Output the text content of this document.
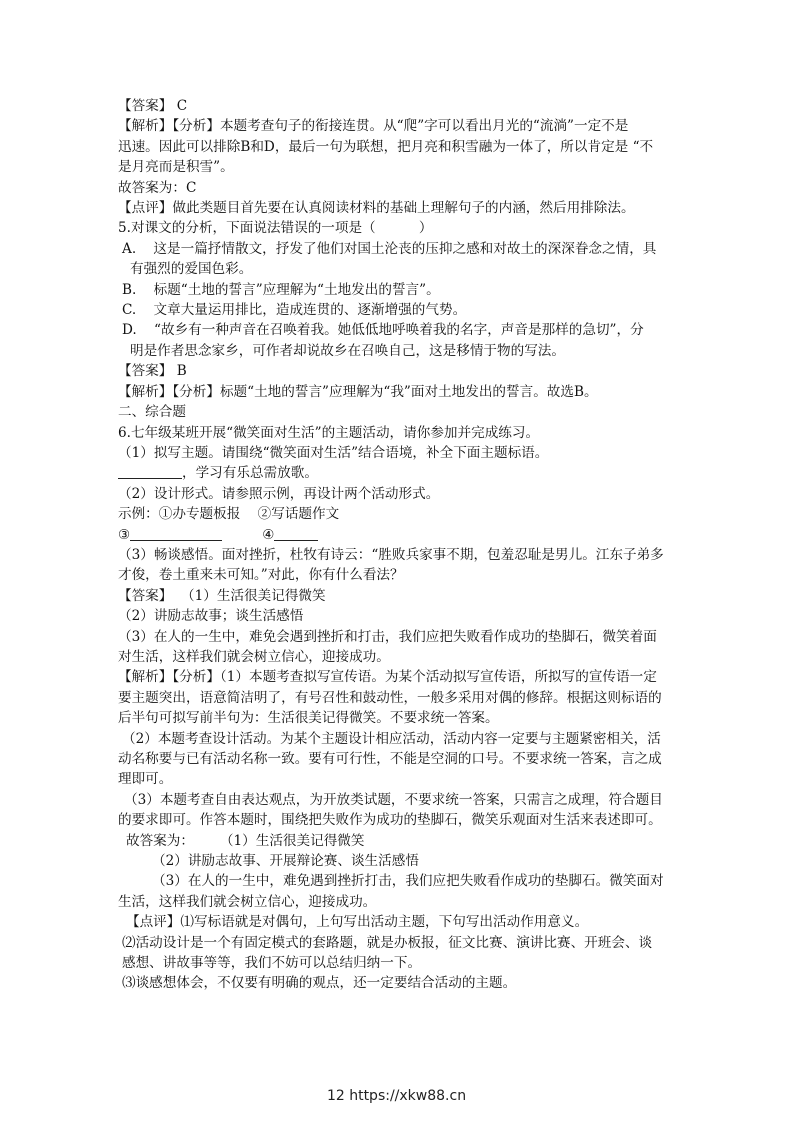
【答案】 C

【解析】【分析】本题考查句子的衔接连贯。从“爬”字可以看出月光的“流淌”一定不是

迅速。因此可以排除B和D，最后一句为联想，把月亮和积雪融为一体了，所以肯定是 “不

是月亮而是积雪”。

故答案为：C

【点评】做此类题目首先要在认真阅读材料的基础上理解句子的内涵，然后用排除法。

5.对课文的分析，下面说法错误的一项是（          ）

A.    这是一篇抒情散文，抒发了他们对国土沦丧的压抑之感和对故土的深深眷念之情，具

有强烈的爱国色彩。

B.    标题“土地的誓言”应理解为“土地发出的誓言”。

C.    文章大量运用排比，造成连贯的、逐渐增强的气势。

D.    “故乡有一种声音在召唤着我。她低低地呼唤着我的名字，声音是那样的急切”，分

明是作者思念家乡，可作者却说故乡在召唤自己，这是移情于物的写法。

【答案】 B

【解析】【分析】标题“土地的誓言”应理解为“我”面对土地发出的誓言。故选B。

二、综合题

6.七年级某班开展“微笑面对生活”的主题活动，请你参加并完成练习。

（1）拟写主题。请围绕“微笑面对生活”结合语境，补全下面主题标语。

，学习有乐总需放歌。

（2）设计形式。请参照示例，再设计两个活动形式。

示例：①办专题板报    ②写话题作文

③	④

（3）畅谈感悟。面对挫折，杜牧有诗云：“胜败兵家事不期，包羞忍耻是男儿。江东子弟多

才俊，卷土重来未可知。”对此，你有什么看法？

【答案】  （1）生活很美记得微笑

（2）讲励志故事；谈生活感悟

（3）在人的一生中，难免会遇到挫折和打击，我们应把失败看作成功的垫脚石，微笑着面

对生活，这样我们就会树立信心，迎接成功。

【解析】【分析】（1）本题考查拟写宣传语。为某个活动拟写宣传语，所拟写的宣传语一定

要主题突出，语意简洁明了，有号召性和鼓动性，一般多采用对偶的修辞。根据这则标语的

后半句可拟写前半句为：生活很美记得微笑。不要求统一答案。

（2）本题考查设计活动。为某个主题设计相应活动，活动内容一定要与主题紧密相关，活

动名称要与已有活动名称一致。要有可行性，不能是空洞的口号。不要求统一答案，言之成

理即可。

（3）本题考查自由表达观点，为开放类试题，不要求统一答案，只需言之成理，符合题目

的要求即可。作答本题时，围绕把失败作为成功的垫脚石，微笑乐观面对生活来表述即可。

故答案为：      （1）生活很美记得微笑

（2）讲励志故事、开展辩论赛、谈生活感悟

（3）在人的一生中，难免遇到挫折打击，我们应把失败看作成功的垫脚石。微笑面对

生活，这样我们就会树立信心，迎接成功。

【点评】⑴写标语就是对偶句，上句写出活动主题，下句写出活动作用意义。

⑵活动设计是一个有固定模式的套路题，就是办板报，征文比赛、演讲比赛、开班会、谈

感想、讲故事等等，我们不妨可以总结归纳一下。

⑶谈感想体会，不仅要有明确的观点，还一定要结合活动的主题。

12 https://xkw88.cn
